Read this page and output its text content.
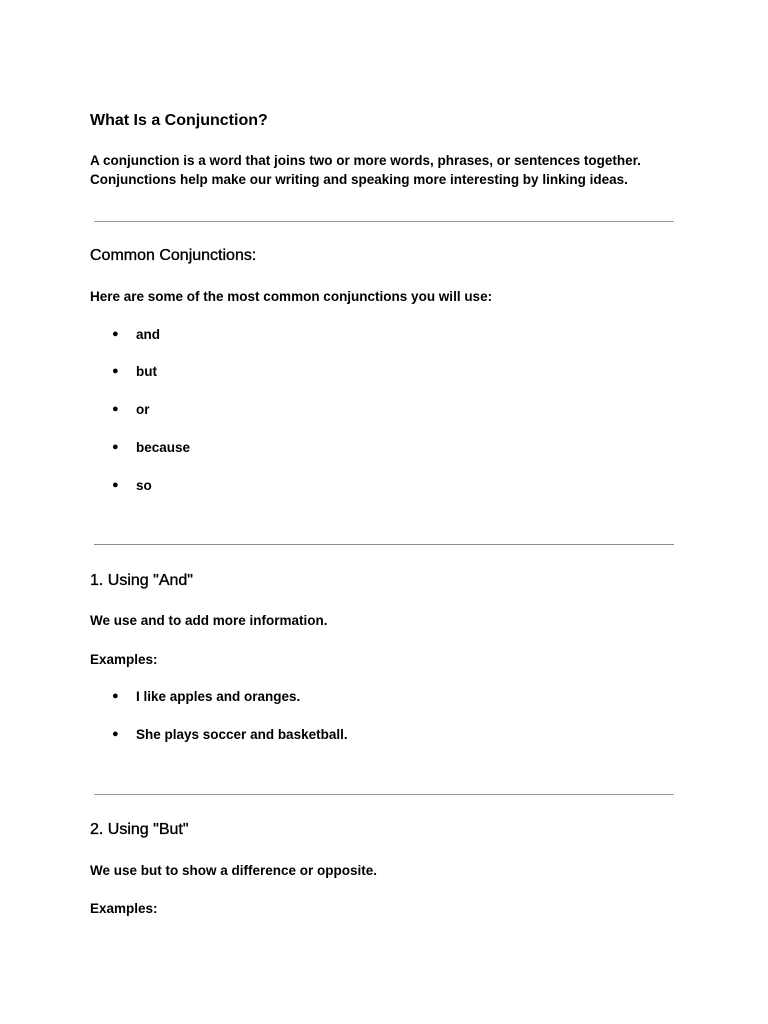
What Is a Conjunction?

A conjunction is a word that joins two or more words, phrases, or sentences together.

Conjunctions help make our writing and speaking more interesting by linking ideas.

Common Conjunctions:

Here are some of the most common conjunctions you will use:

● and
● but
● or
● because
● so
1. Using "And"

We use and to add more information.

Examples:

● I like apples and oranges.
● She plays soccer and basketball.
2. Using "But"

We use but to show a difference or opposite.

Examples:
